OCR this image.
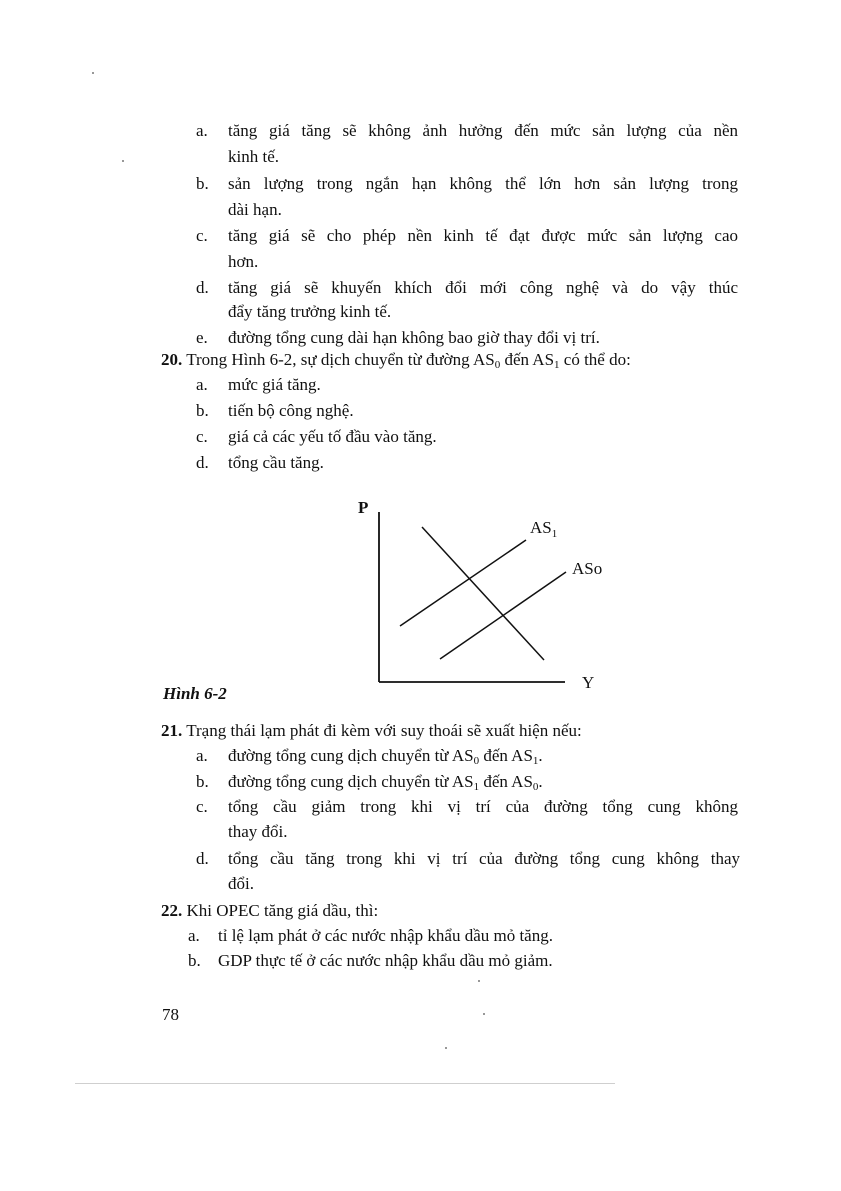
a. tăng giá tăng sẽ không ảnh hưởng đến mức sản lượng của nền
kinh tế.
b. sản lượng trong ngắn hạn không thể lớn hơn sản lượng trong
dài hạn.
c. tăng giá sẽ cho phép nền kinh tế đạt được mức sản lượng cao
hơn.
d. tăng giá sẽ khuyến khích đổi mới công nghệ và do vậy thúc
đẩy tăng trưởng kinh tế.
e. đường tổng cung dài hạn không bao giờ thay đổi vị trí.
20. Trong Hình 6-2, sự dịch chuyển từ đường $AS_0$ đến $AS_1$ có thể do:
a. mức giá tăng.
b. tiến bộ công nghệ.
c. giá cả các yếu tố đầu vào tăng.
d. tổng cầu tăng.
P
Y
$AS_1$
ASo
Hình 6-2
21. Trạng thái lạm phát đi kèm với suy thoái sẽ xuất hiện nếu:
a. đường tổng cung dịch chuyển từ $AS_0$ đến $AS_1$.
b. đường tổng cung dịch chuyển từ $AS_1$ đến $AS_0$.
c. tổng cầu giảm trong khi vị trí của đường tổng cung không
thay đổi.
d. tổng cầu tăng trong khi vị trí của đường tổng cung không thay
đổi.
22. Khi OPEC tăng giá dầu, thì:
a. tỉ lệ lạm phát ở các nước nhập khẩu dầu mỏ tăng.
b. GDP thực tế ở các nước nhập khẩu dầu mỏ giảm.
78
